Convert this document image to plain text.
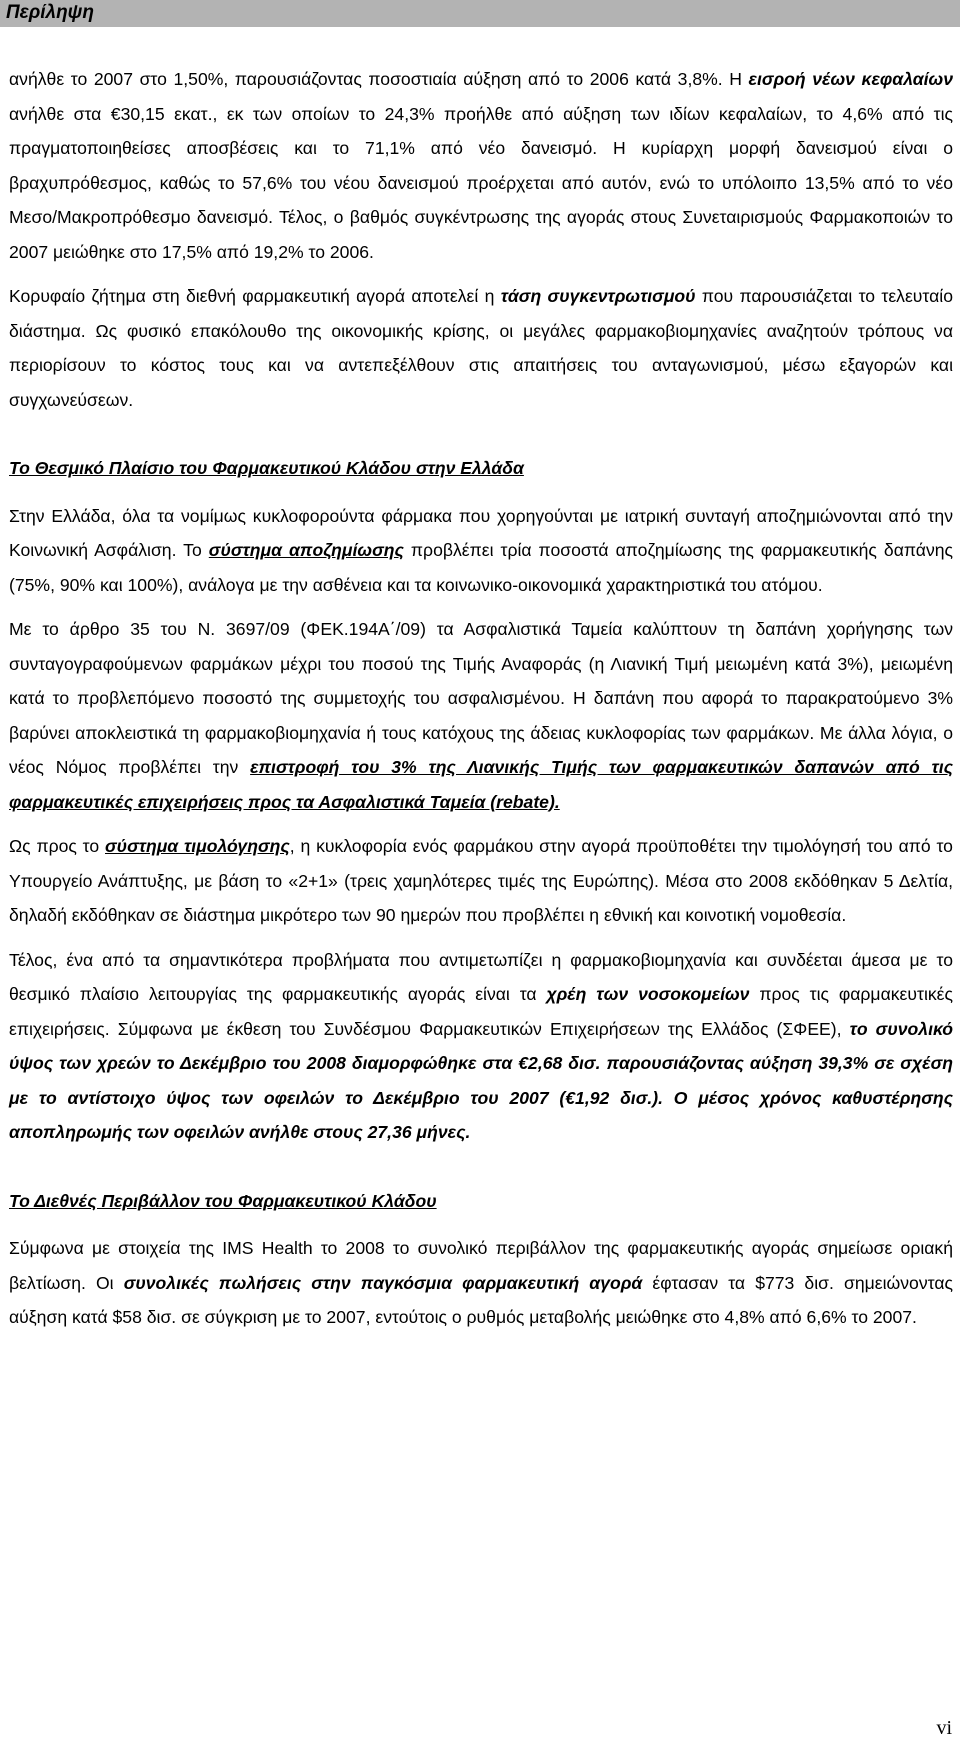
Περίληψη

ανήλθε το 2007 στο 1,50%, παρουσιάζοντας ποσοστιαία αύξηση από το 2006 κατά 3,8%. Η εισροή νέων κεφαλαίων ανήλθε στα €30,15 εκατ., εκ των οποίων το 24,3% προήλθε από αύξηση των ιδίων κεφαλαίων, το 4,6% από τις πραγματοποιηθείσες αποσβέσεις και το 71,1% από νέο δανεισμό. Η κυρίαρχη μορφή δανεισμού είναι ο βραχυπρόθεσμος, καθώς το 57,6% του νέου δανεισμού προέρχεται από αυτόν, ενώ το υπόλοιπο 13,5% από το νέο Μεσο/Μακροπρόθεσμο δανεισμό. Τέλος, ο βαθμός συγκέντρωσης της αγοράς στους Συνεταιρισμούς Φαρμακοποιών το 2007 μειώθηκε στο 17,5% από 19,2% το 2006.

Κορυφαίο ζήτημα στη διεθνή φαρμακευτική αγορά αποτελεί η τάση συγκεντρωτισμού που παρουσιάζεται το τελευταίο διάστημα. Ως φυσικό επακόλουθο της οικονομικής κρίσης, οι μεγάλες φαρμακοβιομηχανίες αναζητούν τρόπους να περιορίσουν το κόστος τους και να αντεπεξέλθουν στις απαιτήσεις του ανταγωνισμού, μέσω εξαγορών και συγχωνεύσεων.

Το Θεσμικό Πλαίσιο του Φαρμακευτικού Κλάδου στην Ελλάδα

Στην Ελλάδα, όλα τα νομίμως κυκλοφορούντα φάρμακα που χορηγούνται με ιατρική συνταγή αποζημιώνονται από την Κοινωνική Ασφάλιση. Το σύστημα αποζημίωσης προβλέπει τρία ποσοστά αποζημίωσης της φαρμακευτικής δαπάνης (75%, 90% και 100%), ανάλογα με την ασθένεια και τα κοινωνικο-οικονομικά χαρακτηριστικά του ατόμου.

Με το άρθρο 35 του Ν. 3697/09 (ΦΕΚ.194Α΄/09) τα Ασφαλιστικά Ταμεία καλύπτουν τη δαπάνη χορήγησης των συνταγογραφούμενων φαρμάκων μέχρι του ποσού της Τιμής Αναφοράς (η Λιανική Τιμή μειωμένη κατά 3%), μειωμένη κατά το προβλεπόμενο ποσοστό της συμμετοχής του ασφαλισμένου. Η δαπάνη που αφορά το παρακρατούμενο 3% βαρύνει αποκλειστικά τη φαρμακοβιομηχανία ή τους κατόχους της άδειας κυκλοφορίας των φαρμάκων. Με άλλα λόγια, ο νέος Νόμος προβλέπει την επιστροφή του 3% της Λιανικής Τιμής των φαρμακευτικών δαπανών από τις φαρμακευτικές επιχειρήσεις προς τα Ασφαλιστικά Ταμεία (rebate).

Ως προς το σύστημα τιμολόγησης, η κυκλοφορία ενός φαρμάκου στην αγορά προϋποθέτει την τιμολόγησή του από το Υπουργείο Ανάπτυξης, με βάση το «2+1» (τρεις χαμηλότερες τιμές της Ευρώπης). Μέσα στο 2008 εκδόθηκαν 5 Δελτία, δηλαδή εκδόθηκαν σε διάστημα μικρότερο των 90 ημερών που προβλέπει η εθνική και κοινοτική νομοθεσία.

Τέλος, ένα από τα σημαντικότερα προβλήματα που αντιμετωπίζει η φαρμακοβιομηχανία και συνδέεται άμεσα με το θεσμικό πλαίσιο λειτουργίας της φαρμακευτικής αγοράς είναι τα χρέη των νοσοκομείων προς τις φαρμακευτικές επιχειρήσεις. Σύμφωνα με έκθεση του Συνδέσμου Φαρμακευτικών Επιχειρήσεων της Ελλάδος (ΣΦΕΕ), το συνολικό ύψος των χρεών το Δεκέμβριο του 2008 διαμορφώθηκε στα €2,68 δισ. παρουσιάζοντας αύξηση 39,3% σε σχέση με το αντίστοιχο ύψος των οφειλών το Δεκέμβριο του 2007 (€1,92 δισ.). Ο μέσος χρόνος καθυστέρησης αποπληρωμής των οφειλών ανήλθε στους 27,36 μήνες.

Το Διεθνές Περιβάλλον του Φαρμακευτικού Κλάδου

Σύμφωνα με στοιχεία της IMS Health το 2008 το συνολικό περιβάλλον της φαρμακευτικής αγοράς σημείωσε οριακή βελτίωση. Οι συνολικές πωλήσεις στην παγκόσμια φαρμακευτική αγορά έφτασαν τα $773 δισ. σημειώνοντας αύξηση κατά $58 δισ. σε σύγκριση με το 2007, εντούτοις ο ρυθμός μεταβολής μειώθηκε στο 4,8% από 6,6% το 2007.

vi
